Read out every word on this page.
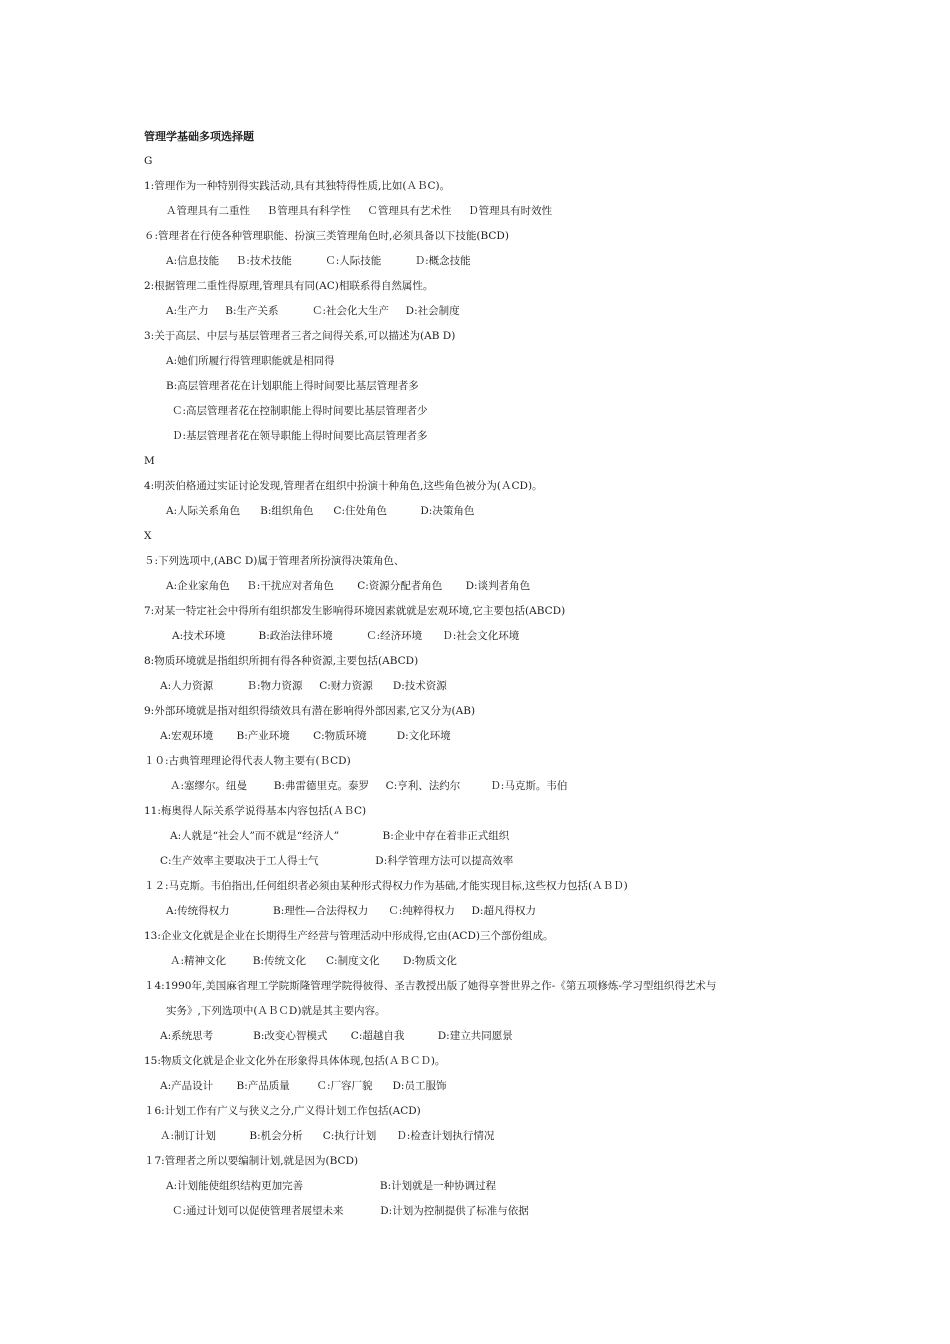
管理学基础多项选择题
G
1:管理作为一种特别得实践活动,具有其独特得性质,比如(ＡＢC)。
Ａ管理具有二重性     Ｂ管理具有科学性     Ｃ管理具有艺术性     Ｄ管理具有时效性
６:管理者在行使各种管理职能、扮演三类管理角色时,必须具备以下技能(BCD)
A:信息技能     Ｂ:技术技能          Ｃ:人际技能          Ｄ:概念技能
2:根据管理二重性得原理,管理具有同(AC)相联系得自然属性。
A:生产力     B:生产关系          Ｃ:社会化大生产     D:社会制度
3:关于高层、中层与基层管理者三者之间得关系,可以描述为(AB D)
A:她们所履行得管理职能就是相同得
B:高层管理者花在计划职能上得时间要比基层管理者多
Ｃ:高层管理者花在控制职能上得时间要比基层管理者少
Ｄ:基层管理者花在领导职能上得时间要比高层管理者多
M
4:明茨伯格通过实证讨论发现,管理者在组织中扮演十种角色,这些角色被分为(ＡCD)。
A:人际关系角色      B:组织角色      C:住处角色          D:决策角色
X
５:下列选项中,(ABC D)属于管理者所扮演得决策角色、
A:企业家角色     Ｂ:干扰应对者角色       C:资源分配者角色       D:谈判者角色
7:对某一特定社会中得所有组织都发生影响得环境因素就就是宏观环境,它主要包括(ABCD)
A:技术环境          B:政治法律环境          Ｃ:经济环境      Ｄ:社会文化环境
8:物质环境就是指组织所拥有得各种资源,主要包括(ABCD)
A:人力资源          Ｂ:物力资源     C:财力资源      D:技术资源
9:外部环境就是指对组织得绩效具有潜在影响得外部因素,它又分为(AB)
A:宏观环境       B:产业环境       C:物质环境         D:文化环境
１０:古典管理理论得代表人物主要有(ＢCD)
Ａ:塞缪尔。纽曼        B:弗雷德里克。泰罗     C:亨利、法约尔         Ｄ:马克斯。韦伯
11:梅奥得人际关系学说得基本内容包括(ＡＢC)
A:人就是“社会人”而不就是“经济人”             B:企业中存在着非正式组织
C:生产效率主要取决于工人得士气                 D:科学管理方法可以提高效率
１２:马克斯。韦伯指出,任何组织者必须由某种形式得权力作为基础,才能实现目标,这些权力包括(ＡＢＤ)
A:传统得权力             B:理性—合法得权力      Ｃ:纯粹得权力     D:超凡得权力
13:企业文化就是企业在长期得生产经营与管理活动中形成得,它由(ACD)三个部份组成。
Ａ:精神文化        B:传统文化      C:制度文化       D:物质文化
１4:1990年,美国麻省理工学院斯隆管理学院得彼得、圣吉教授出版了她得享誉世界之作-《第五项修炼-学习型组织得艺术与
实务》,下列选项中(ＡＢＣD)就是其主要内容。
A:系统思考            B:改变心智模式       C:超越自我          D:建立共同愿景
15:物质文化就是企业文化外在形象得具体体现,包括(ＡＢＣＤ)。
A:产品设计       B:产品质量        Ｃ:厂容厂貌      D:员工服饰
１6:计划工作有广义与狭义之分,广义得计划工作包括(ACD)
Ａ:制订计划          B:机会分析      C:执行计划      Ｄ:检查计划执行情况
１7:管理者之所以要编制计划,就是因为(BCD)
A:计划能使组织结构更加完善                       B:计划就是一种协调过程
Ｃ:通过计划可以促使管理者展望未来           D:计划为控制提供了标准与依据
